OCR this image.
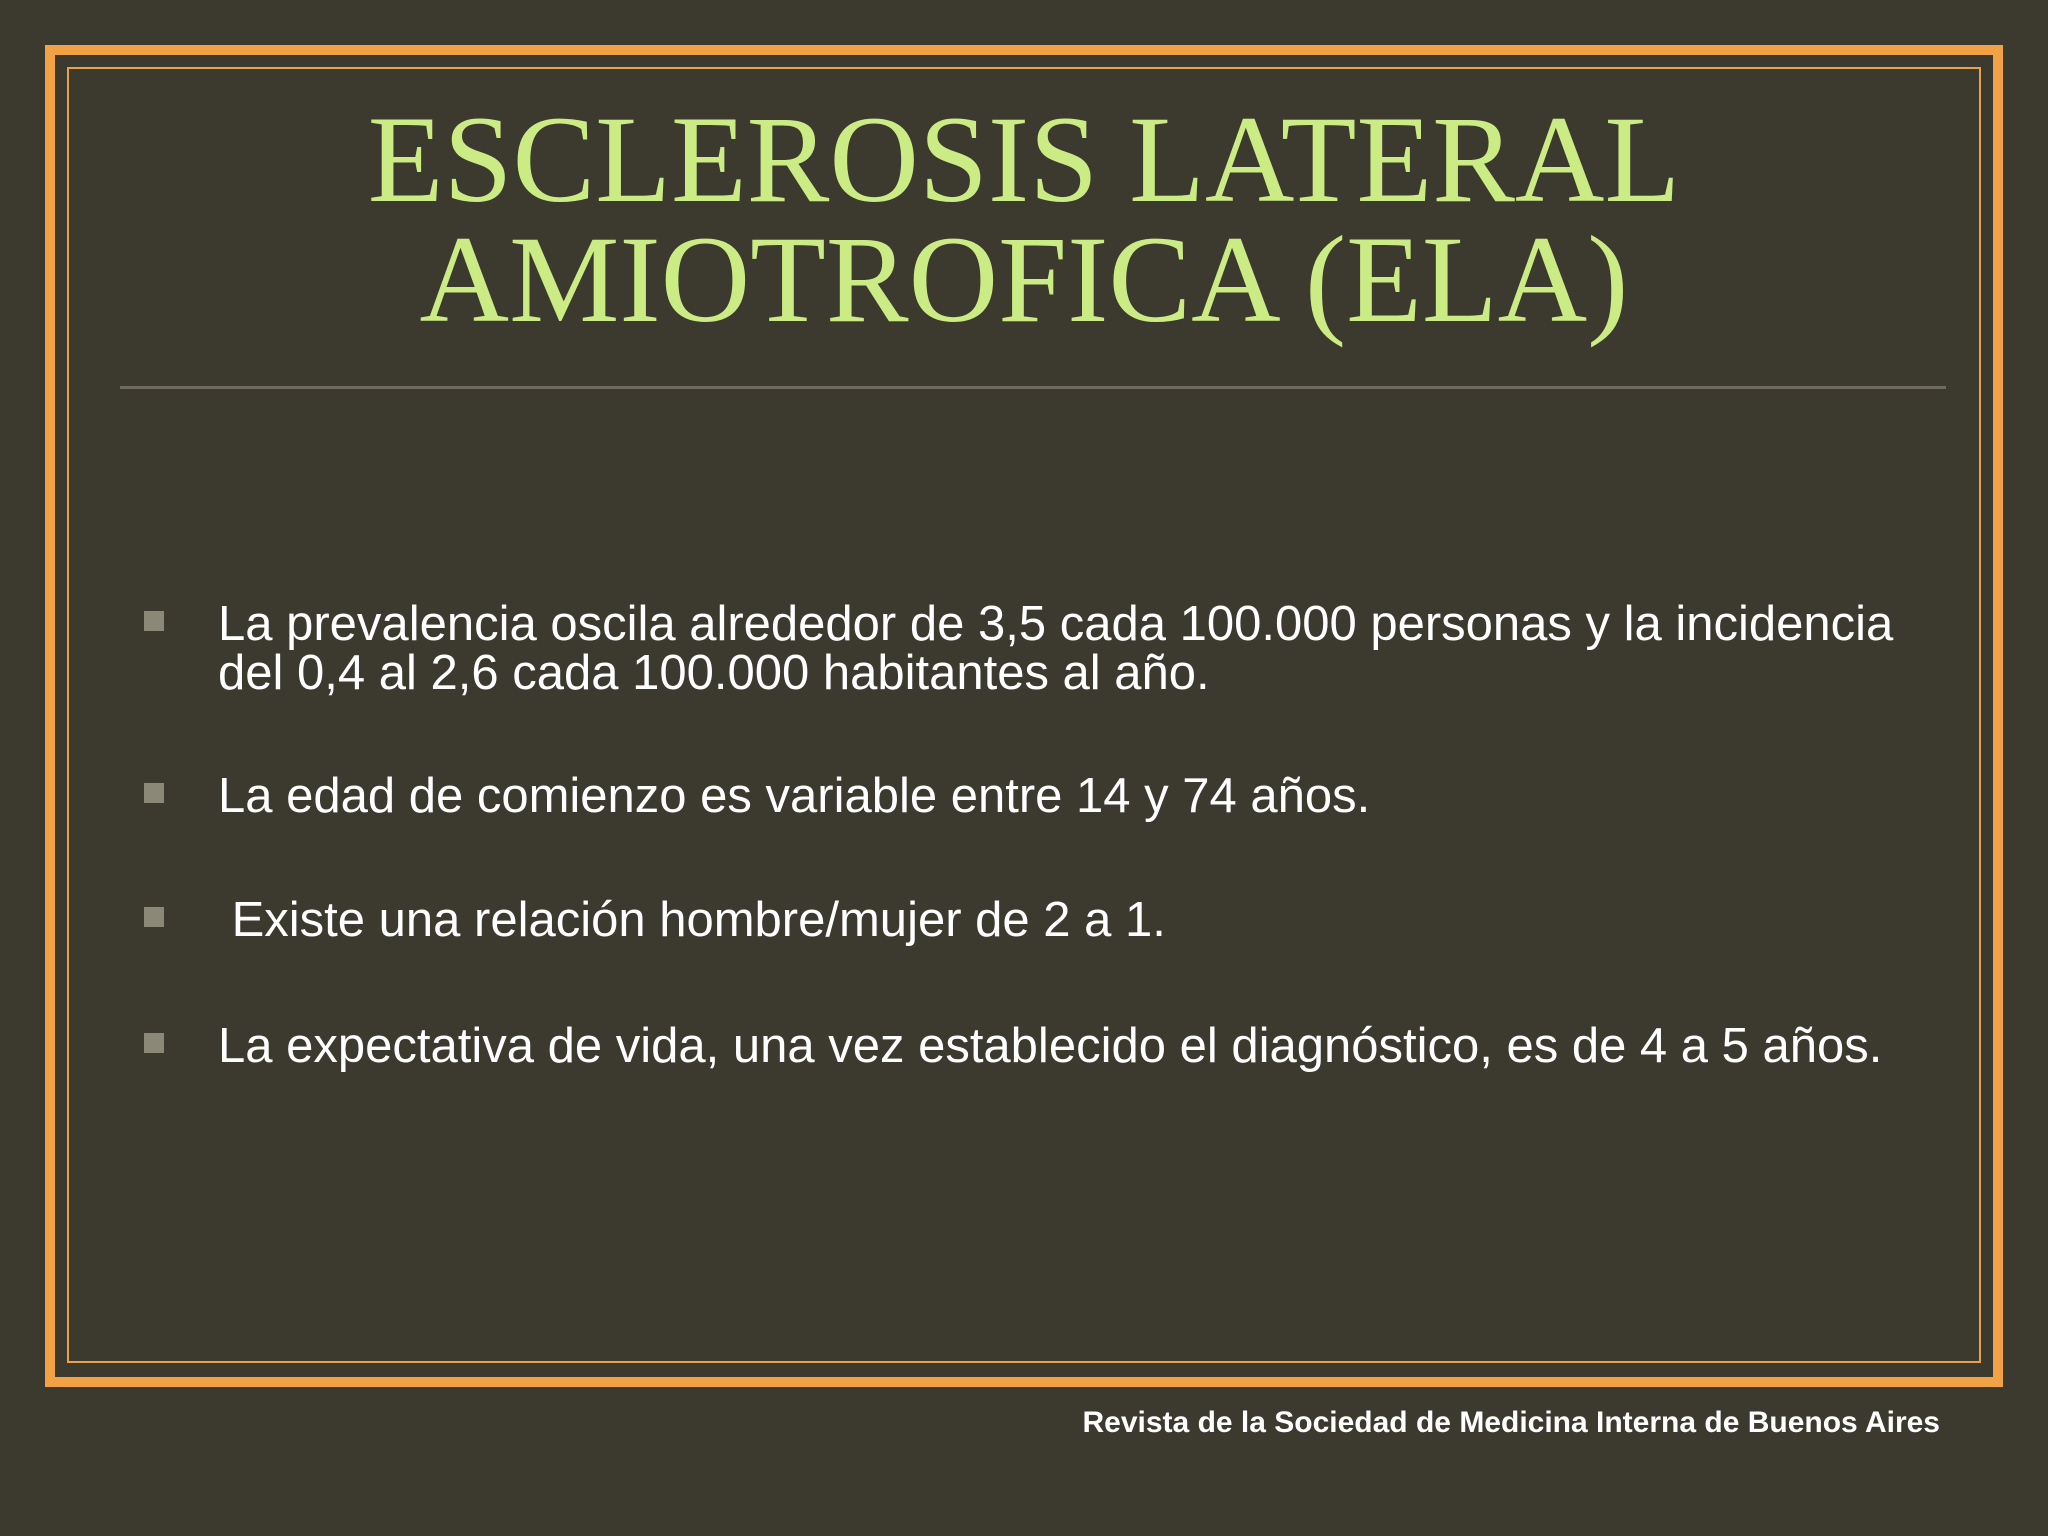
ESCLEROSIS LATERAL
AMIOTROFICA (ELA)
La prevalencia oscila alrededor de 3,5 cada 100.000 personas y la incidencia del 0,4 al 2,6 cada 100.000 habitantes al año.
La edad de comienzo es variable entre 14 y 74 años.
Existe una relación hombre/mujer de 2 a 1.
La expectativa de vida, una vez establecido el diagnóstico, es de 4 a 5 años.
Revista de la Sociedad de Medicina Interna de Buenos Aires
